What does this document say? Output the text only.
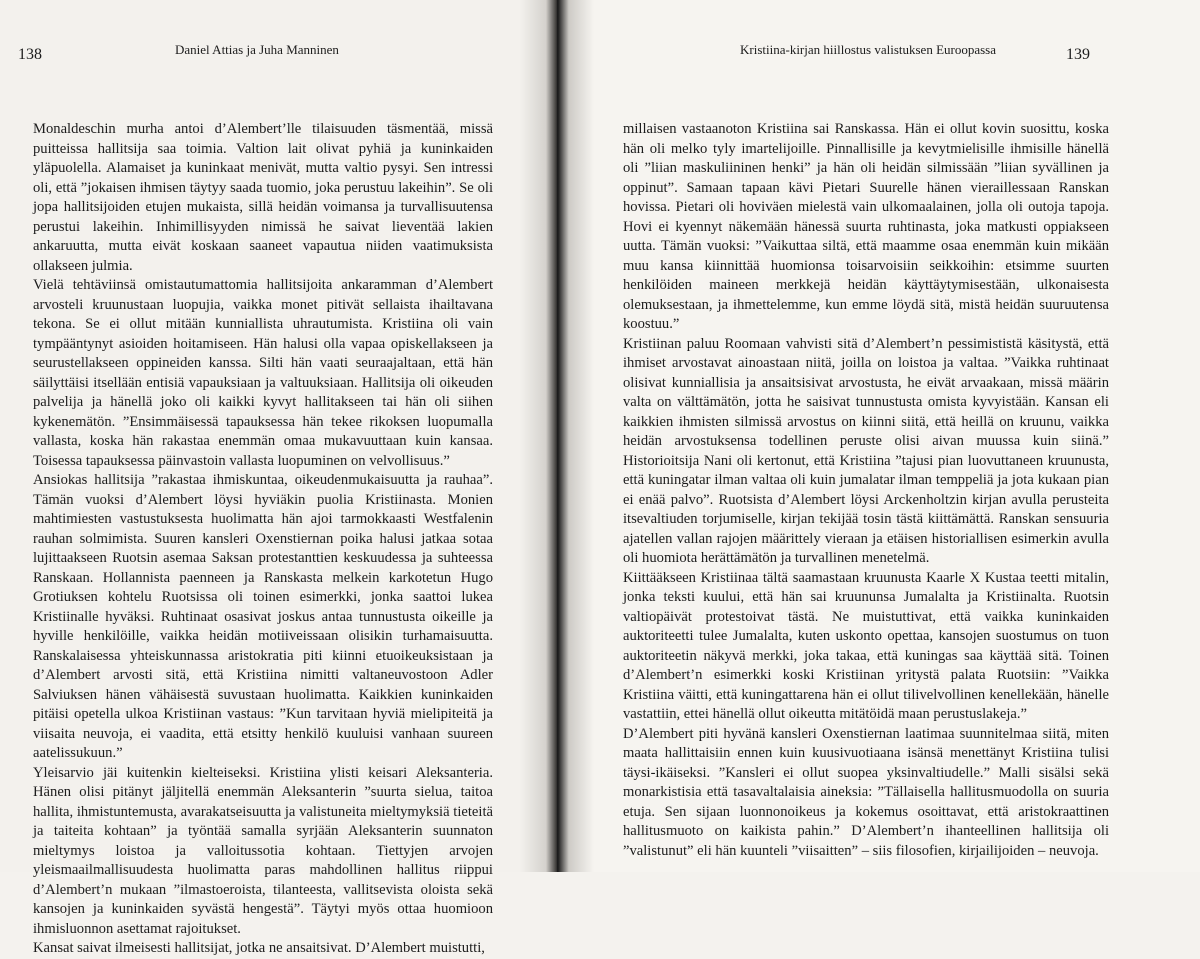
138	Daniel Attias ja Juha Manninen

Monaldeschin murha antoi d’Alembert’lle tilaisuuden täsmentää, missä puitteissa hallitsija saa toimia. Valtion lait olivat pyhiä ja kuninkaiden yläpuolella. Alamaiset ja kuninkaat menivät, mutta valtio pysyi. Sen intressi oli, että ”jokaisen ihmisen täytyy saada tuomio, joka perustuu lakeihin”. Se oli jopa hallitsijoiden etujen mukaista, sillä heidän voimansa ja turvallisuutensa perustui lakeihin. Inhimillisyyden nimissä he saivat lieventää lakien ankaruutta, mutta eivät koskaan saaneet vapautua niiden vaatimuksista ollakseen julmia.

Vielä tehtäviinsä omistautumattomia hallitsijoita ankaramman d’Alembert arvosteli kruunustaan luopujia, vaikka monet pitivät sellaista ihailtavana tekona. Se ei ollut mitään kunniallista uhrautumista. Kristiina oli vain tympääntynyt asioiden hoitamiseen. Hän halusi olla vapaa opiskellakseen ja seurustellakseen oppineiden kanssa. Silti hän vaati seuraajaltaan, että hän säilyttäisi itsellään entisiä vapauksiaan ja valtuuksiaan. Hallitsija oli oikeuden palvelija ja hänellä joko oli kaikki kyvyt hallitakseen tai hän oli siihen kykenemätön. ”Ensimmäisessä tapauksessa hän tekee rikoksen luopumalla vallasta, koska hän rakastaa enemmän omaa mukavuuttaan kuin kansaa. Toisessa tapauksessa päinvastoin vallasta luopuminen on velvollisuus.”

Ansiokas hallitsija ”rakastaa ihmiskuntaa, oikeudenmukaisuutta ja rauhaa”. Tämän vuoksi d’Alembert löysi hyviäkin puolia Kristiinasta. Monien mahtimiesten vastustuksesta huolimatta hän ajoi tarmokkaasti Westfalenin rauhan solmimista. Suuren kansleri Oxenstiernan poika halusi jatkaa sotaa lujittaakseen Ruotsin asemaa Saksan protestanttien keskuudessa ja suhteessa Ranskaan. Hollannista paenneen ja Ranskasta melkein karkotetun Hugo Grotiuksen kohtelu Ruotsissa oli toinen esimerkki, jonka saattoi lukea Kristiinalle hyväksi. Ruhtinaat osasivat joskus antaa tunnustusta oikeille ja hyville henkilöille, vaikka heidän motiiveissaan olisikin turhamaisuutta. Ranskalaisessa yhteiskunnassa aristokratia piti kiinni etuoikeuksistaan ja d’Alembert arvosti sitä, että Kristiina nimitti valtaneuvostoon Adler Salviuksen hänen vähäisestä suvustaan huolimatta. Kaikkien kuninkaiden pitäisi opetella ulkoa Kristiinan vastaus: ”Kun tarvitaan hyviä mielipiteitä ja viisaita neuvoja, ei vaadita, että etsitty henkilö kuuluisi vanhaan suureen aatelissukuun.”

Yleisarvio jäi kuitenkin kielteiseksi. Kristiina ylisti keisari Aleksanteria. Hänen olisi pitänyt jäljitellä enemmän Aleksanterin ”suurta sielua, taitoa hallita, ihmistuntemusta, avarakatseisuutta ja valistuneita mieltymyksiä tieteitä ja taiteita kohtaan” ja työntää samalla syrjään Aleksanterin suunnaton mieltymys loistoa ja valloitussotia kohtaan. Tiettyjen arvojen yleismaailmallisuudesta huolimatta paras mahdollinen hallitus riippui d’Alembert’n mukaan ”ilmastoeroista, tilanteesta, vallitsevista oloista sekä kansojen ja kuninkaiden syvästä hengestä”. Täytyi myös ottaa huomioon ihmisluonnon asettamat rajoitukset.

Kansat saivat ilmeisesti hallitsijat, jotka ne ansaitsivat. D’Alembert muistutti,

Kristiina-kirjan hiillostus valistuksen Euroopassa	139

millaisen vastaanoton Kristiina sai Ranskassa. Hän ei ollut kovin suosittu, koska hän oli melko tyly imartelijoille. Pinnallisille ja kevytmielisille ihmisille hänellä oli ”liian maskuliininen henki” ja hän oli heidän silmissään ”liian syvällinen ja oppinut”. Samaan tapaan kävi Pietari Suurelle hänen vieraillessaan Ranskan hovissa. Pietari oli hoviväen mielestä vain ulkomaalainen, jolla oli outoja tapoja. Hovi ei kyennyt näkemään hänessä suurta ruhtinasta, joka matkusti oppiakseen uutta. Tämän vuoksi: ”Vaikuttaa siltä, että maamme osaa enemmän kuin mikään muu kansa kiinnittää huomionsa toisarvoisiin seikkoihin: etsimme suurten henkilöiden maineen merkkejä heidän käyttäytymisestään, ulkonaisesta olemuksestaan, ja ihmettelemme, kun emme löydä sitä, mistä heidän suuruutensa koostuu.”

Kristiinan paluu Roomaan vahvisti sitä d’Alembert’n pessimististä käsitystä, että ihmiset arvostavat ainoastaan niitä, joilla on loistoa ja valtaa. ”Vaikka ruhtinaat olisivat kunniallisia ja ansaitsisivat arvostusta, he eivät arvaakaan, missä määrin valta on välttämätön, jotta he saisivat tunnustusta omista kyvyistään. Kansan eli kaikkien ihmisten silmissä arvostus on kiinni siitä, että heillä on kruunu, vaikka heidän arvostuksensa todellinen peruste olisi aivan muussa kuin siinä.” Historioitsija Nani oli kertonut, että Kristiina ”tajusi pian luovuttaneen kruunusta, että kuningatar ilman valtaa oli kuin jumalatar ilman temppeliä ja jota kukaan pian ei enää palvo”. Ruotsista d’Alembert löysi Arckenholtzin kirjan avulla perusteita itsevaltiuden torjumiselle, kirjan tekijää tosin tästä kiittämättä. Ranskan sensuuria ajatellen vallan rajojen määrittely vieraan ja etäisen historiallisen esimerkin avulla oli huomiota herättämätön ja turvallinen menetelmä.

Kiittääkseen Kristiinaa tältä saamastaan kruunusta Kaarle X Kustaa teetti mitalin, jonka teksti kuului, että hän sai kruununsa Jumalalta ja Kristiinalta. Ruotsin valtiopäivät protestoivat tästä. Ne muistuttivat, että vaikka kuninkaiden auktoriteetti tulee Jumalalta, kuten uskonto opettaa, kansojen suostumus on tuon auktoriteetin näkyvä merkki, joka takaa, että kuningas saa käyttää sitä. Toinen d’Alembert’n esimerkki koski Kristiinan yritystä palata Ruotsiin: ”Vaikka Kristiina väitti, että kuningattarena hän ei ollut tilivelvollinen kenellekään, hänelle vastattiin, ettei hänellä ollut oikeutta mitätöidä maan perustuslakeja.”

D’Alembert piti hyvänä kansleri Oxenstiernan laatimaa suunnitelmaa siitä, miten maata hallittaisiin ennen kuin kuusivuotiaana isänsä menettänyt Kristiina tulisi täysi-ikäiseksi. ”Kansleri ei ollut suopea yksinvaltiudelle.” Malli sisälsi sekä monarkistisia että tasavaltalaisia aineksia: ”Tällaisella hallitusmuodolla on suuria etuja. Sen sijaan luonnonoikeus ja kokemus osoittavat, että aristokraattinen hallitusmuoto on kaikista pahin.” D’Alembert’n ihanteellinen hallitsija oli ”valistunut” eli hän kuunteli ”viisaitten” – siis filosofien, kirjailijoiden – neuvoja.
